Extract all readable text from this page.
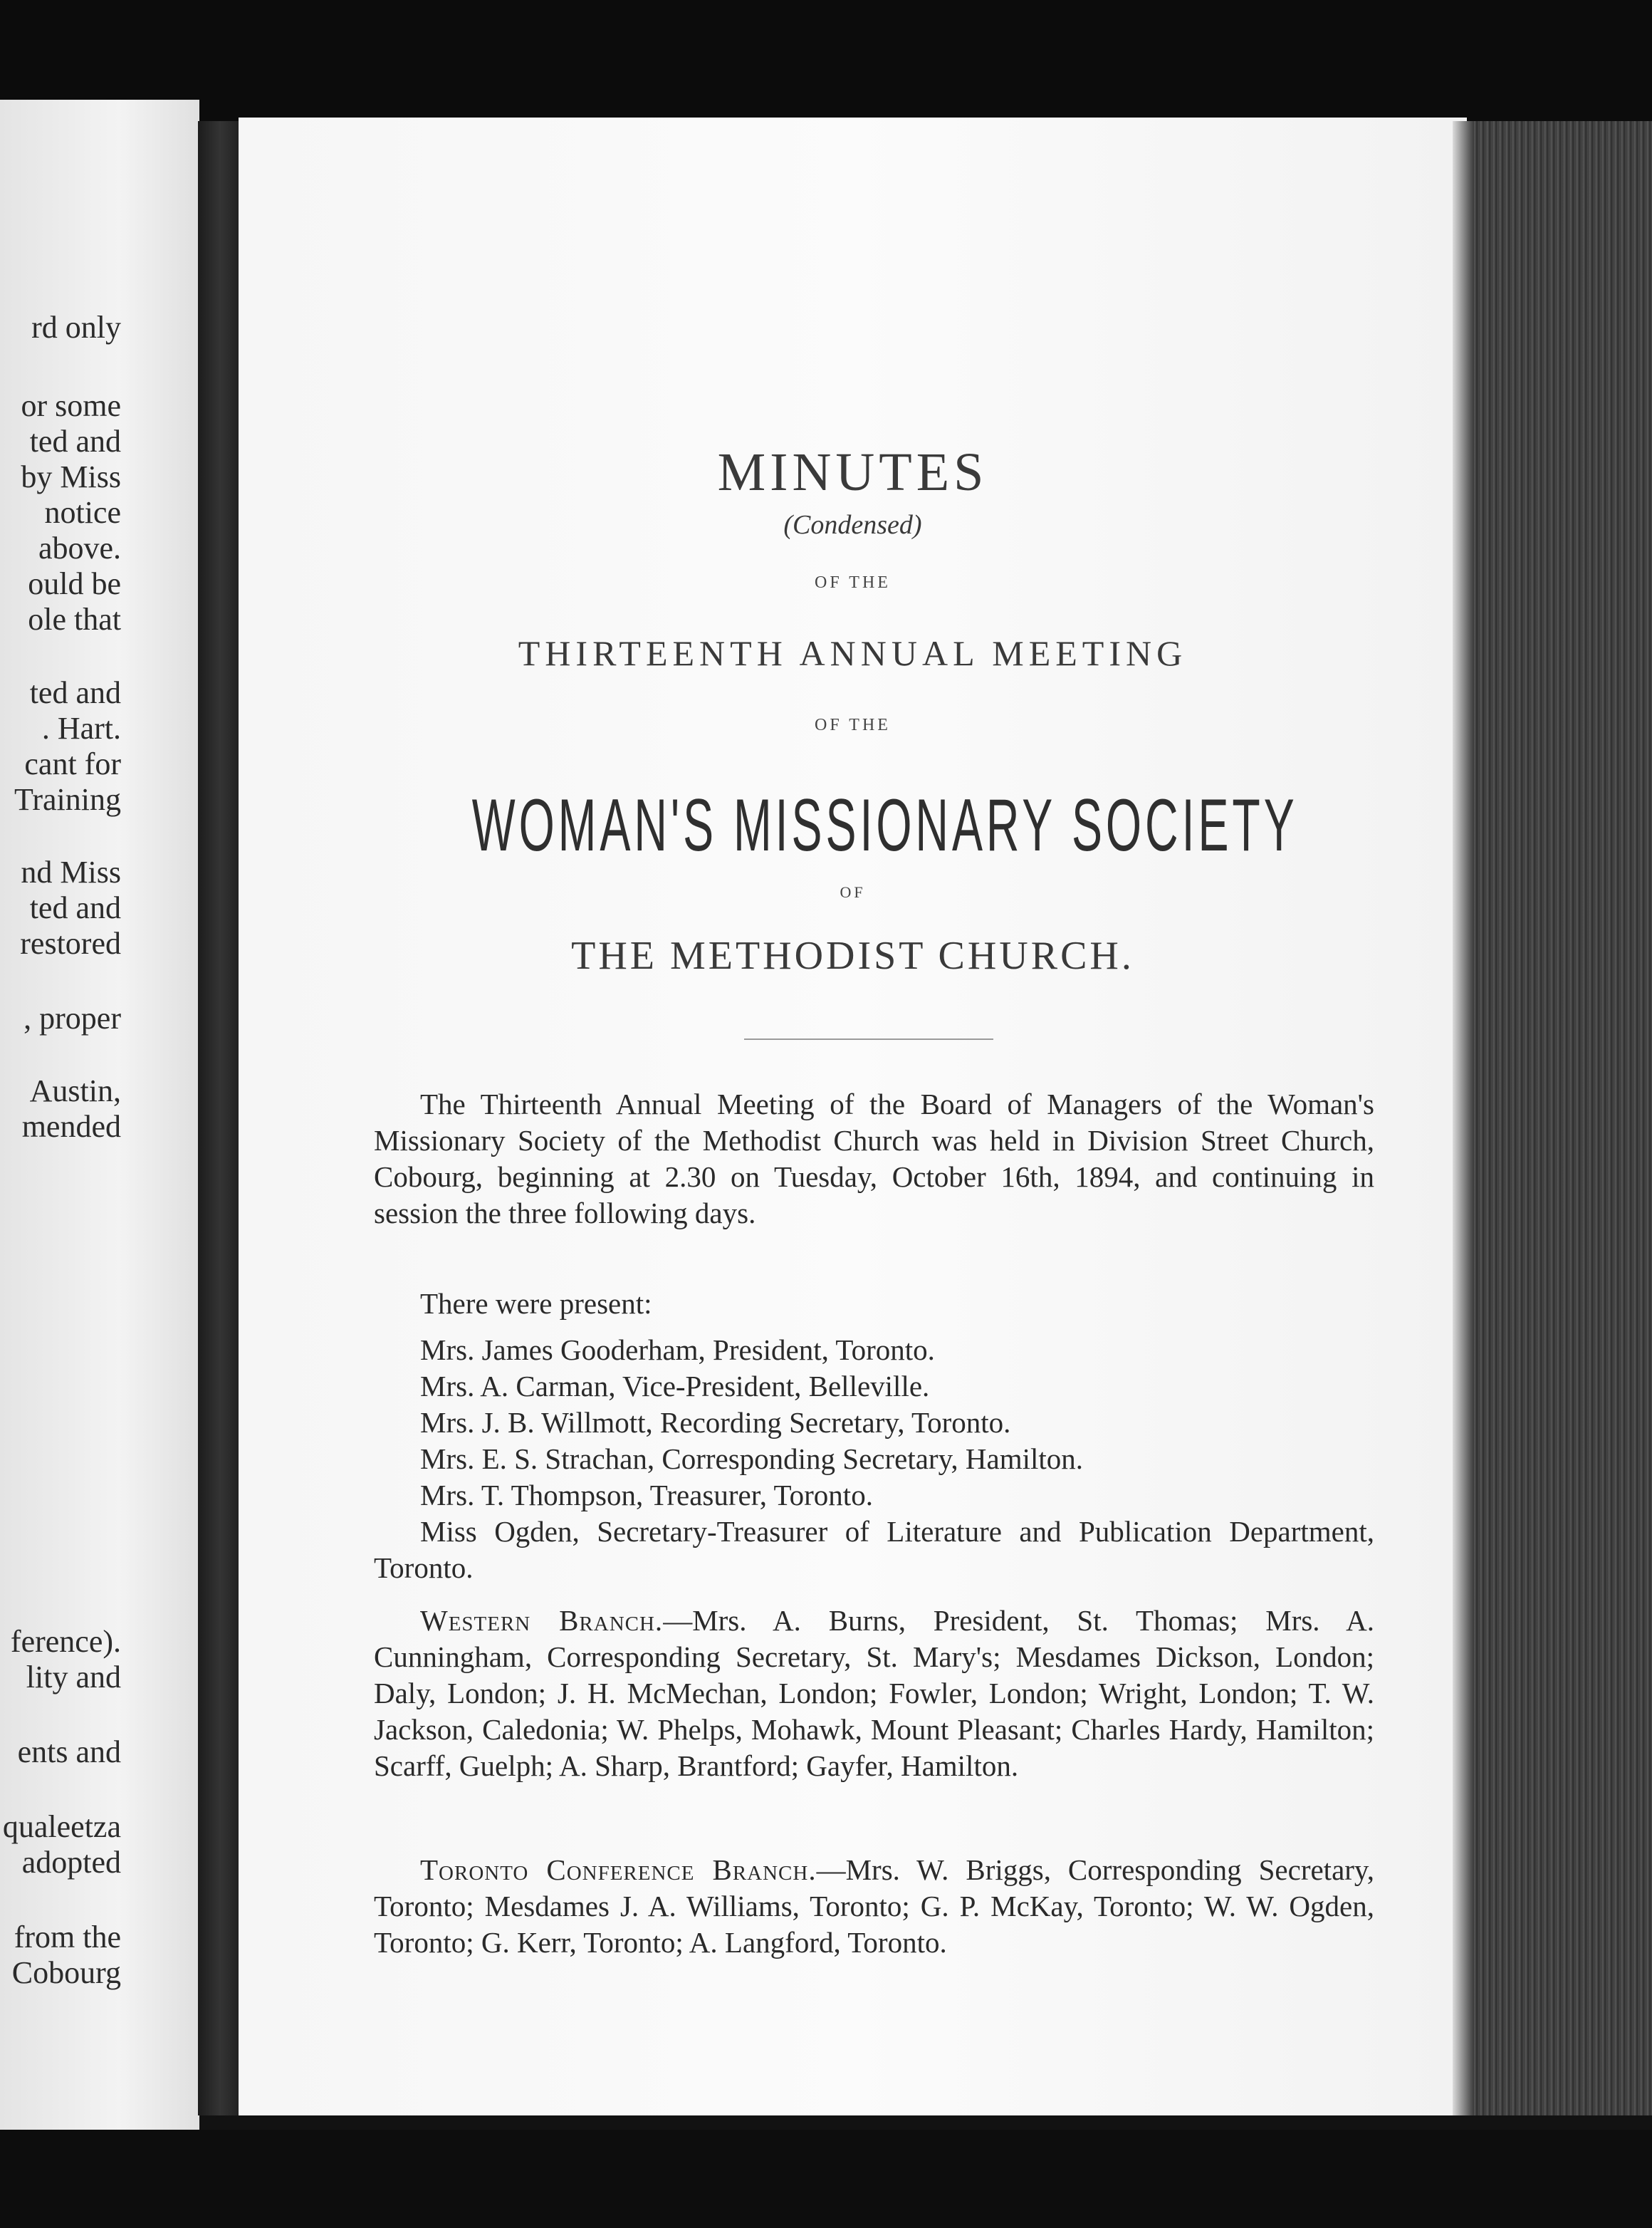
rd only
or some
ted and
by Miss
notice
above.
ould be
ole that
ted and
. Hart.
cant for
Training
nd Miss
ted and
restored
, proper
Austin,
mended
ference).
lity and
ents and
qualeetza
adopted
from the
Cobourg
MINUTES
(Condensed)
OF THE
THIRTEENTH ANNUAL MEETING
OF THE
WOMAN'S MISSIONARY SOCIETY
OF
THE METHODIST CHURCH.

The Thirteenth Annual Meeting of the Board of Managers of the Woman's Missionary Society of the Methodist Church was held in Division Street Church, Cobourg, beginning at 2.30 on Tuesday, October 16th, 1894, and continuing in session the three following days.

There were present:

Mrs. James Gooderham, President, Toronto.

Mrs. A. Carman, Vice-President, Belleville.

Mrs. J. B. Willmott, Recording Secretary, Toronto.

Mrs. E. S. Strachan, Corresponding Secretary, Hamilton.

Mrs. T. Thompson, Treasurer, Toronto.

Miss Ogden, Secretary-Treasurer of Literature and Publication Department, Toronto.

Western Branch.—Mrs. A. Burns, President, St. Thomas; Mrs. A. Cunningham, Corresponding Secretary, St. Mary's; Mesdames Dickson, London; Daly, London; J. H. McMechan, London; Fowler, London; Wright, London; T. W. Jackson, Caledonia; W. Phelps, Mohawk, Mount Pleasant; Charles Hardy, Hamilton; Scarff, Guelph; A. Sharp, Brantford; Gayfer, Hamilton.

Toronto Conference Branch.—Mrs. W. Briggs, Corresponding Secretary, Toronto; Mesdames J. A. Williams, Toronto; G. P. McKay, Toronto; W. W. Ogden, Toronto; G. Kerr, Toronto; A. Langford, Toronto.
